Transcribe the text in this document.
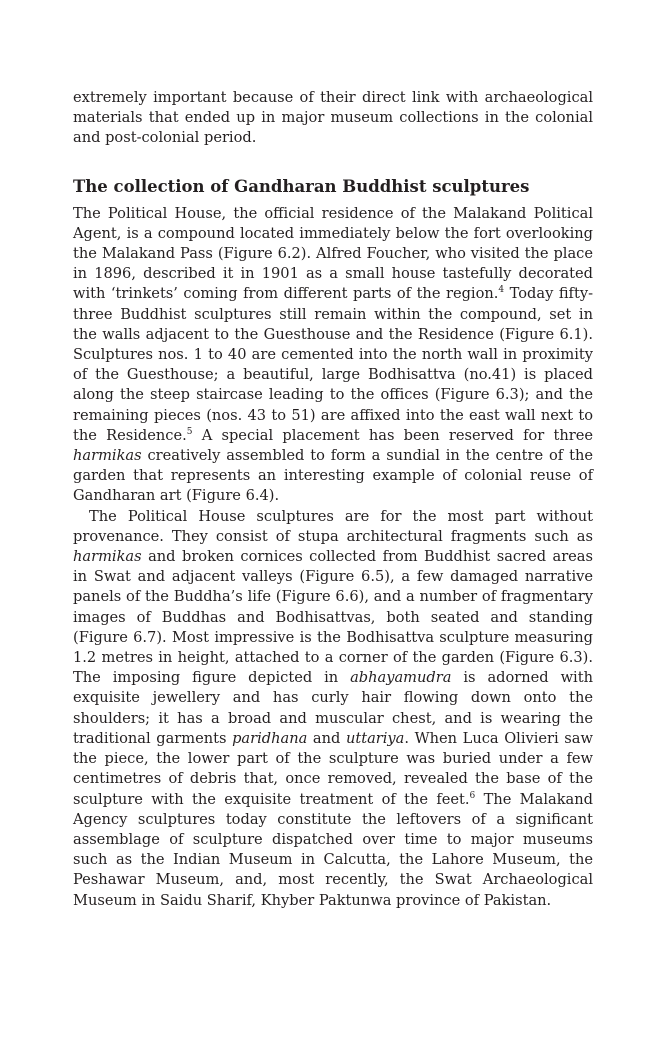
extremely important because of their direct link with archaeological materials that ended up in major museum collections in the colonial and post-colonial period.

The collection of Gandharan Buddhist sculptures

The Political House, the official residence of the Malakand Political Agent, is a compound located immediately below the fort overlooking the Malakand Pass (Figure 6.2). Alfred Foucher, who visited the place in 1896, described it in 1901 as a small house tastefully decorated with ‘trinkets’ coming from different parts of the region.$^4$ Today fifty-three Buddhist sculptures still remain within the compound, set in the walls adjacent to the Guesthouse and the Residence (Figure 6.1). Sculptures nos. 1 to 40 are cemented into the north wall in proximity of the Guesthouse; a beautiful, large Bodhisattva (no.41) is placed along the steep staircase leading to the offices (Figure 6.3); and the remaining pieces (nos. 43 to 51) are affixed into the east wall next to the Residence.$^5$ A special placement has been reserved for three harmikas creatively assembled to form a sundial in the centre of the garden that represents an interesting example of colonial reuse of Gandharan art (Figure 6.4).

The Political House sculptures are for the most part without provenance. They consist of stupa architectural fragments such as harmikas and broken cornices collected from Buddhist sacred areas in Swat and adjacent valleys (Figure 6.5), a few damaged narrative panels of the Buddha’s life (Figure 6.6), and a number of fragmentary images of Buddhas and Bodhisattvas, both seated and standing (Figure 6.7). Most impressive is the Bodhisattva sculpture measuring 1.2 metres in height, attached to a corner of the garden (Figure 6.3). The imposing figure depicted in abhayamudra is adorned with exquisite jewellery and has curly hair flowing down onto the shoulders; it has a broad and muscular chest, and is wearing the traditional garments paridhana and uttariya. When Luca Olivieri saw the piece, the lower part of the sculpture was buried under a few centimetres of debris that, once removed, revealed the base of the sculpture with the exquisite treatment of the feet.$^6$ The Malakand Agency sculptures today constitute the leftovers of a significant assemblage of sculpture dispatched over time to major museums such as the Indian Museum in Calcutta, the Lahore Museum, the Peshawar Museum, and, most recently, the Swat Archaeological Museum in Saidu Sharif, Khyber Paktunwa province of Pakistan.
